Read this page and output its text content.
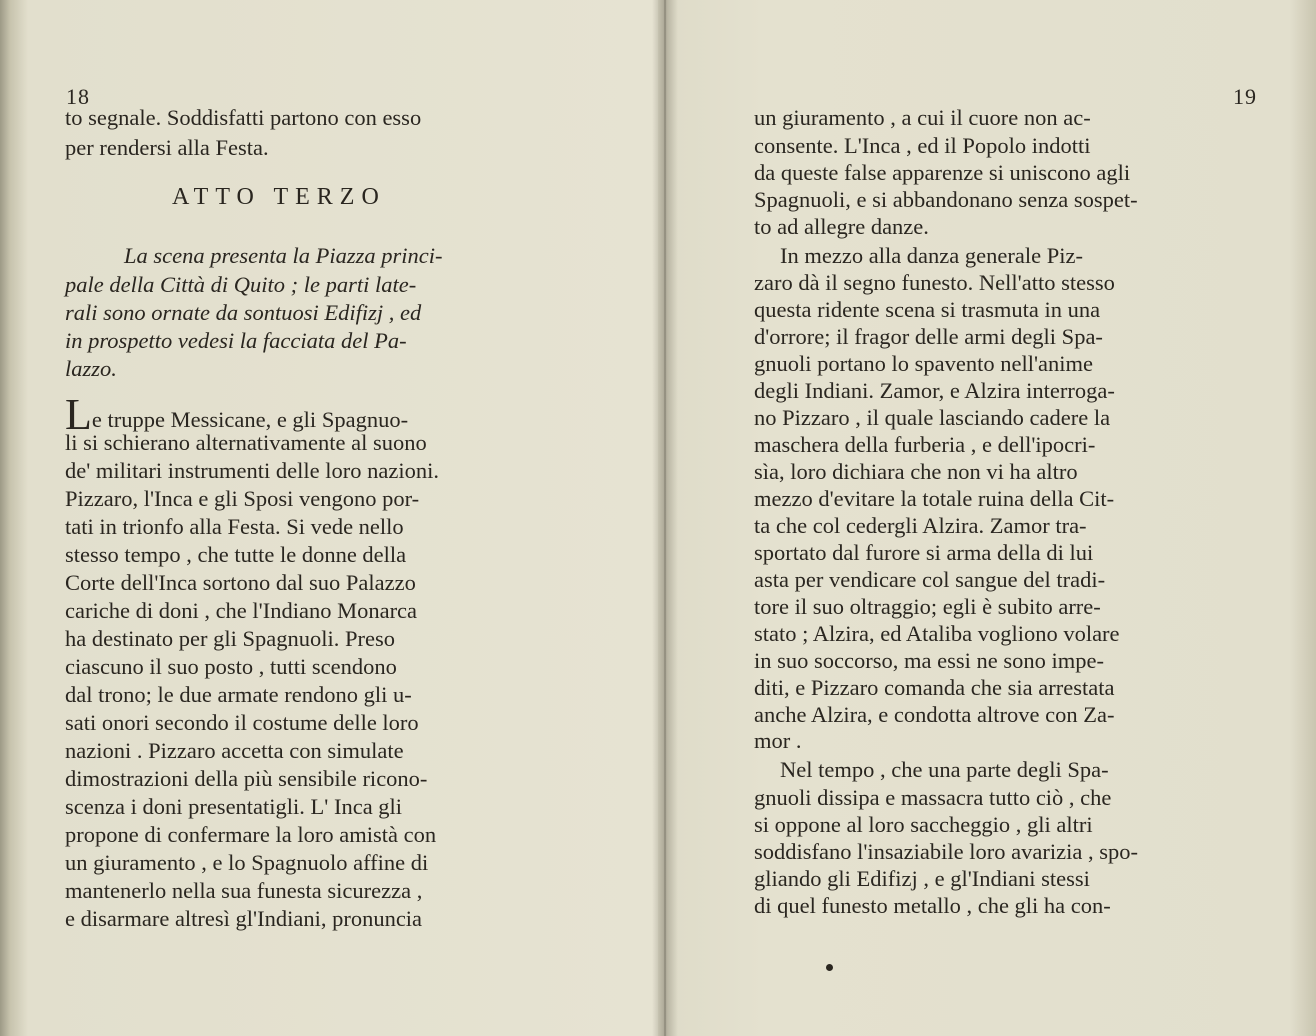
18
to segnale. Soddisfatti partono con esso
per rendersi alla Festa.
ATTO TERZO
La scena presenta la Piazza princi-
pale della Città di Quito ; le parti late-
rali sono ornate da sontuosi Edifizj , ed
in prospetto vedesi la facciata del Pa-
lazzo.
Le truppe Messicane, e gli Spagnuo-
li si schierano alternativamente al suono
de' militari instrumenti delle loro nazioni.
Pizzaro, l'Inca e gli Sposi vengono por-
tati in trionfo alla Festa. Si vede nello
stesso tempo , che tutte le donne della
Corte dell'Inca sortono dal suo Palazzo
cariche di doni , che l'Indiano Monarca
ha destinato per gli Spagnuoli. Preso
ciascuno il suo posto , tutti scendono
dal trono; le due armate rendono gli u-
sati onori secondo il costume delle loro
nazioni . Pizzaro accetta con simulate
dimostrazioni della più sensibile ricono-
scenza i doni presentatigli. L' Inca gli
propone di confermare la loro amistà con
un giuramento , e lo Spagnuolo affine di
mantenerlo nella sua funesta sicurezza ,
e disarmare altresì gl'Indiani, pronuncia
19
un giuramento , a cui il cuore non ac-
consente. L'Inca , ed il Popolo indotti
da queste false apparenze si uniscono agli
Spagnuoli, e si abbandonano senza sospet-
to ad allegre danze.
In mezzo alla danza generale Piz-
zaro dà il segno funesto. Nell'atto stesso
questa ridente scena si trasmuta in una
d'orrore; il fragor delle armi degli Spa-
gnuoli portano lo spavento nell'anime
degli Indiani. Zamor, e Alzira interroga-
no Pizzaro , il quale lasciando cadere la
maschera della furberia , e dell'ipocri-
sìa, loro dichiara che non vi ha altro
mezzo d'evitare la totale ruina della Cit-
ta che col cedergli Alzira. Zamor tra-
sportato dal furore si arma della di lui
asta per vendicare col sangue del tradi-
tore il suo oltraggio; egli è subito arre-
stato ; Alzira, ed Ataliba vogliono volare
in suo soccorso, ma essi ne sono impe-
diti, e Pizzaro comanda che sia arrestata
anche Alzira, e condotta altrove con Za-
mor .
Nel tempo , che una parte degli Spa-
gnuoli dissipa e massacra tutto ciò , che
si oppone al loro saccheggio , gli altri
soddisfano l'insaziabile loro avarizia , spo-
gliando gli Edifizj , e gl'Indiani stessi
di quel funesto metallo , che gli ha con-
